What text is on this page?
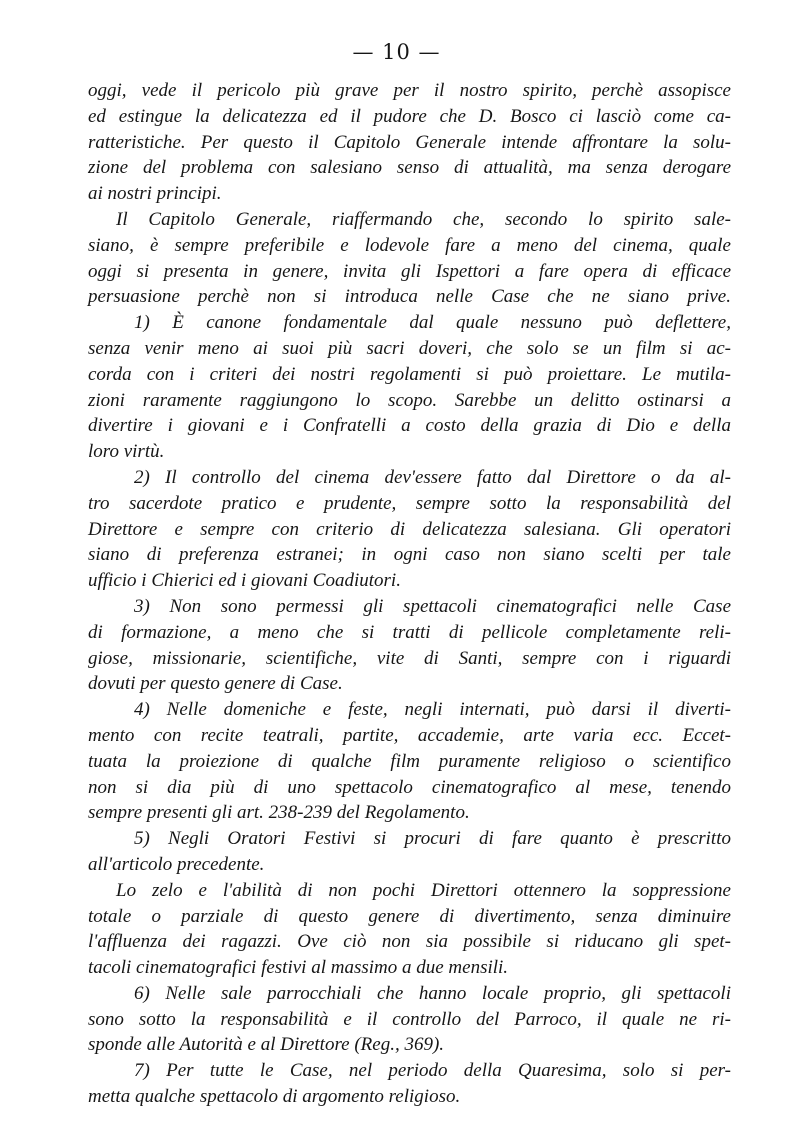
— 10 —
oggi, vede il pericolo più grave per il nostro spirito, perchè assopisce
ed estingue la delicatezza ed il pudore che D. Bosco ci lasciò come ca-
ratteristiche. Per questo il Capitolo Generale intende affrontare la solu-
zione del problema con salesiano senso di attualità, ma senza derogare
ai nostri principi.
Il Capitolo Generale, riaffermando che, secondo lo spirito sale-
siano, è sempre preferibile e lodevole fare a meno del cinema, quale
oggi si presenta in genere, invita gli Ispettori a fare opera di efficace
persuasione perchè non si introduca nelle Case che ne siano prive.
1) È canone fondamentale dal quale nessuno può deflettere,
senza venir meno ai suoi più sacri doveri, che solo se un film si ac-
corda con i criteri dei nostri regolamenti si può proiettare. Le mutila-
zioni raramente raggiungono lo scopo. Sarebbe un delitto ostinarsi a
divertire i giovani e i Confratelli a costo della grazia di Dio e della
loro virtù.
2) Il controllo del cinema dev'essere fatto dal Direttore o da al-
tro sacerdote pratico e prudente, sempre sotto la responsabilità del
Direttore e sempre con criterio di delicatezza salesiana. Gli operatori
siano di preferenza estranei; in ogni caso non siano scelti per tale
ufficio i Chierici ed i giovani Coadiutori.
3) Non sono permessi gli spettacoli cinematografici nelle Case
di formazione, a meno che si tratti di pellicole completamente reli-
giose, missionarie, scientifiche, vite di Santi, sempre con i riguardi
dovuti per questo genere di Case.
4) Nelle domeniche e feste, negli internati, può darsi il diverti-
mento con recite teatrali, partite, accademie, arte varia ecc. Eccet-
tuata la proiezione di qualche film puramente religioso o scientifico
non si dia più di uno spettacolo cinematografico al mese, tenendo
sempre presenti gli art. 238-239 del Regolamento.
5) Negli Oratori Festivi si procuri di fare quanto è prescritto
all'articolo precedente.
Lo zelo e l'abilità di non pochi Direttori ottennero la soppressione
totale o parziale di questo genere di divertimento, senza diminuire
l'affluenza dei ragazzi. Ove ciò non sia possibile si riducano gli spet-
tacoli cinematografici festivi al massimo a due mensili.
6) Nelle sale parrocchiali che hanno locale proprio, gli spettacoli
sono sotto la responsabilità e il controllo del Parroco, il quale ne ri-
sponde alle Autorità e al Direttore (Reg., 369).
7) Per tutte le Case, nel periodo della Quaresima, solo si per-
metta qualche spettacolo di argomento religioso.
